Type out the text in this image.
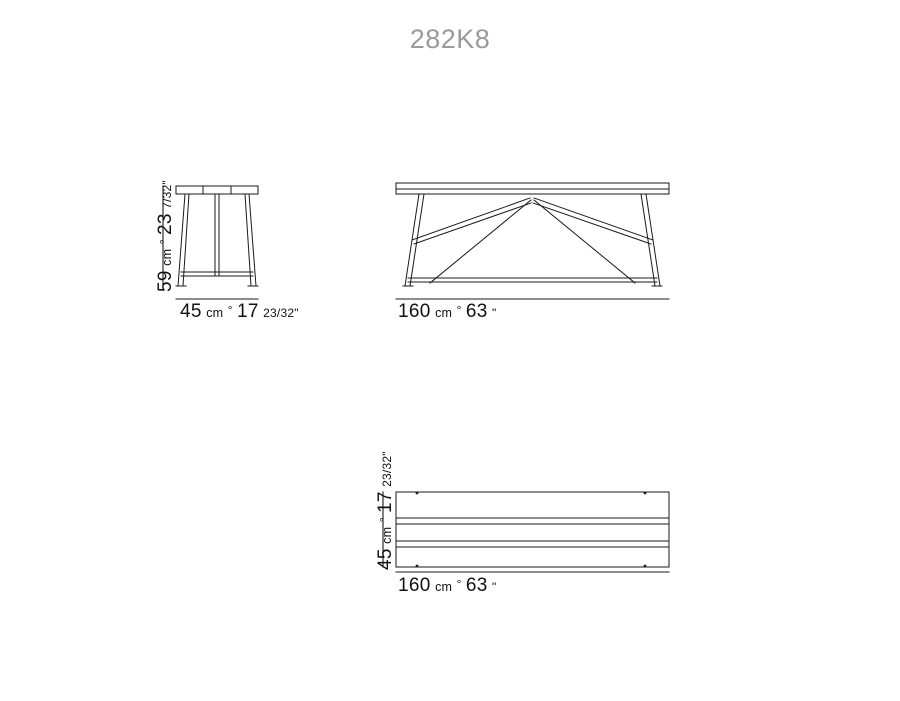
282K8
59 cm ° 23 7/32"
45 cm ° 17 23/32"	160 cm ° 63 "
45 cm ° 17 23/32"
160 cm ° 63 "
